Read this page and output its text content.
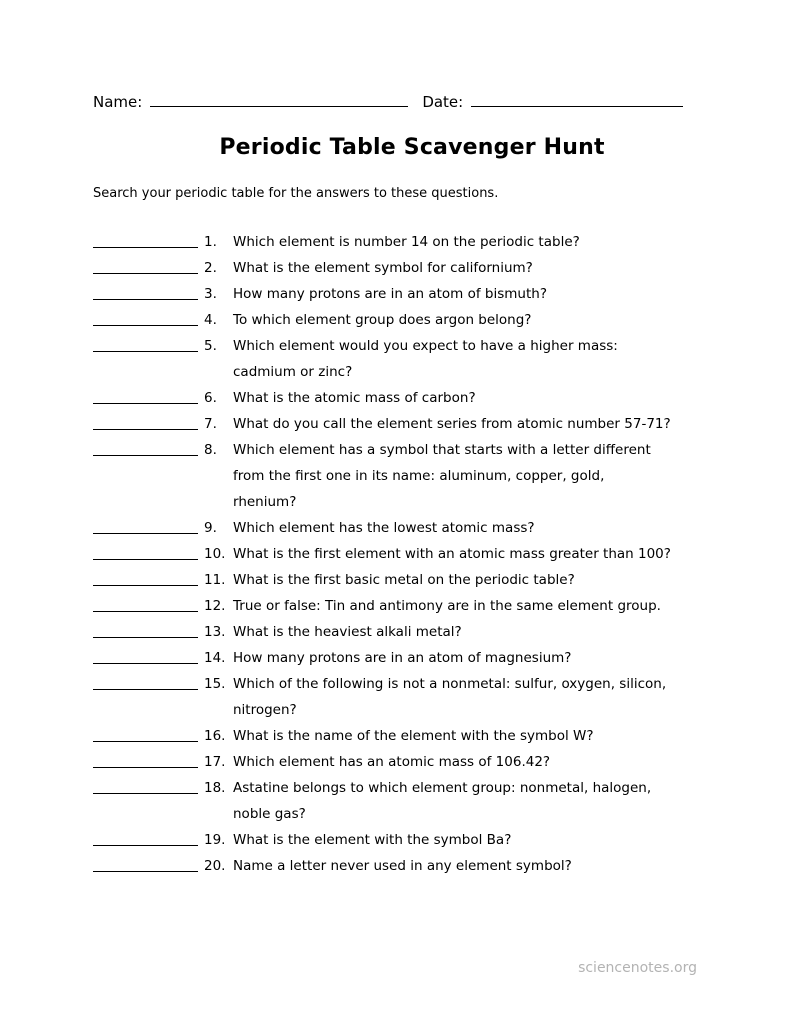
Name:	Date:
Periodic Table Scavenger Hunt
Search your periodic table for the answers to these questions.
1.	Which element is number 14 on the periodic table?
2.	What is the element symbol for californium?
3.	How many protons are in an atom of bismuth?
4.	To which element group does argon belong?
5.	Which element would you expect to have a higher mass:
cadmium or zinc?
6.	What is the atomic mass of carbon?
7.	What do you call the element series from atomic number 57-71?
8.	Which element has a symbol that starts with a letter different
from the first one in its name: aluminum, copper, gold,
rhenium?
9.	Which element has the lowest atomic mass?
10. What is the first element with an atomic mass greater than 100?
11. What is the first basic metal on the periodic table?
12. True or false: Tin and antimony are in the same element group.
13. What is the heaviest alkali metal?
14. How many protons are in an atom of magnesium?
15. Which of the following is not a nonmetal: sulfur, oxygen, silicon,
nitrogen?
16. What is the name of the element with the symbol W?
17. Which element has an atomic mass of 106.42?
18. Astatine belongs to which element group: nonmetal, halogen,
noble gas?
19. What is the element with the symbol Ba?
20. Name a letter never used in any element symbol?
sciencenotes.org
